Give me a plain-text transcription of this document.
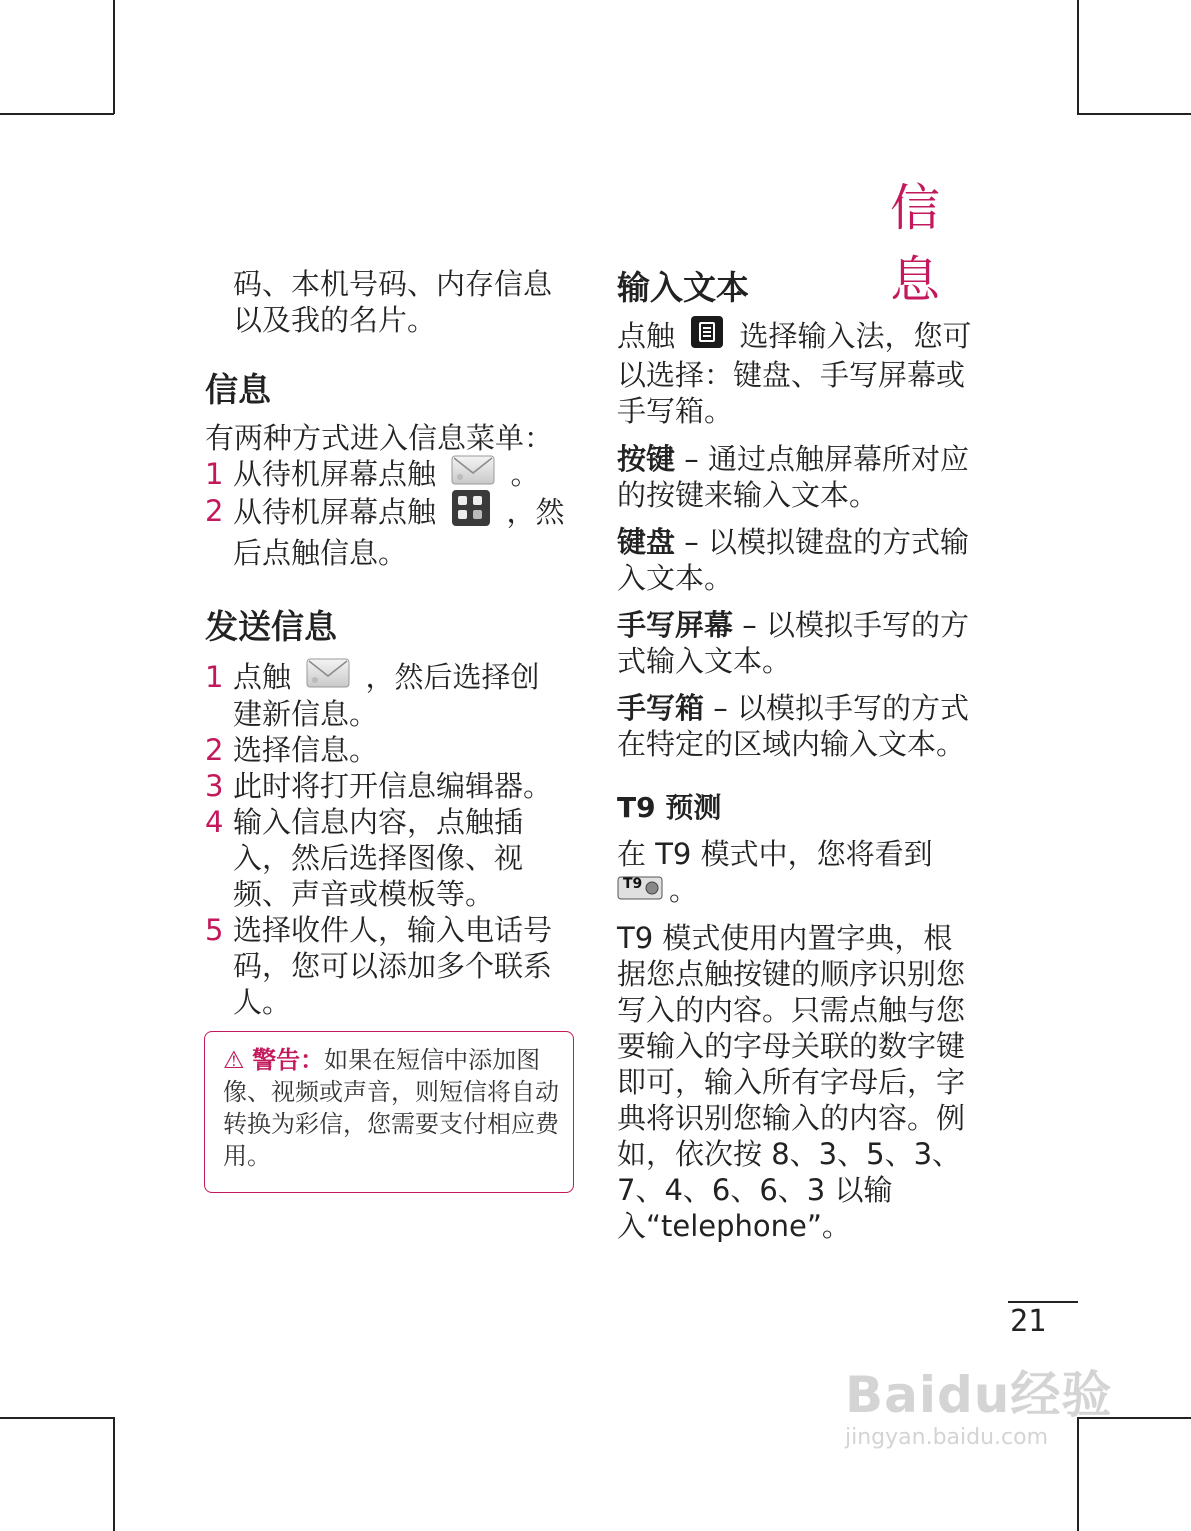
信息

码、本机号码、内存信息以及我的名片。

信息

有两种方式进入信息菜单：

1 从待机屏幕点触	。
2 从待机屏幕点触 ，然后点触信息。

发送信息

1 点触	，然后选择创建新信息。
2 选择信息。
3 此时将打开信息编辑器。
4 输入信息内容，点触插入，然后选择图像、视频、声音或模板等。
5 选择收件人，输入电话号码，您可以添加多个联系人。
⚠ 警告：如果在短信中添加图像、视频或声音，则短信将自动转换为彩信，您需要支付相应费用。

输入文本

点触 选择输入法，您可以选择：键盘、手写屏幕或手写箱。

按键 – 通过点触屏幕所对应的按键来输入文本。

键盘 – 以模拟键盘的方式输入文本。

手写屏幕 – 以模拟手写的方式输入文本。

手写箱 – 以模拟手写的方式在特定的区域内输入文本。

T9 预测

在 T9 模式中，您将看到

T9 。

T9 模式使用内置字典，根据您点触按键的顺序识别您写入的内容。只需点触与您要输入的字母关联的数字键即可，输入所有字母后，字典将识别您输入的内容。例如，依次按 8、3、5、3、7、4、6、6、3 以输入“telephone”。

21
Baidu经验
jingyan.baidu.com
